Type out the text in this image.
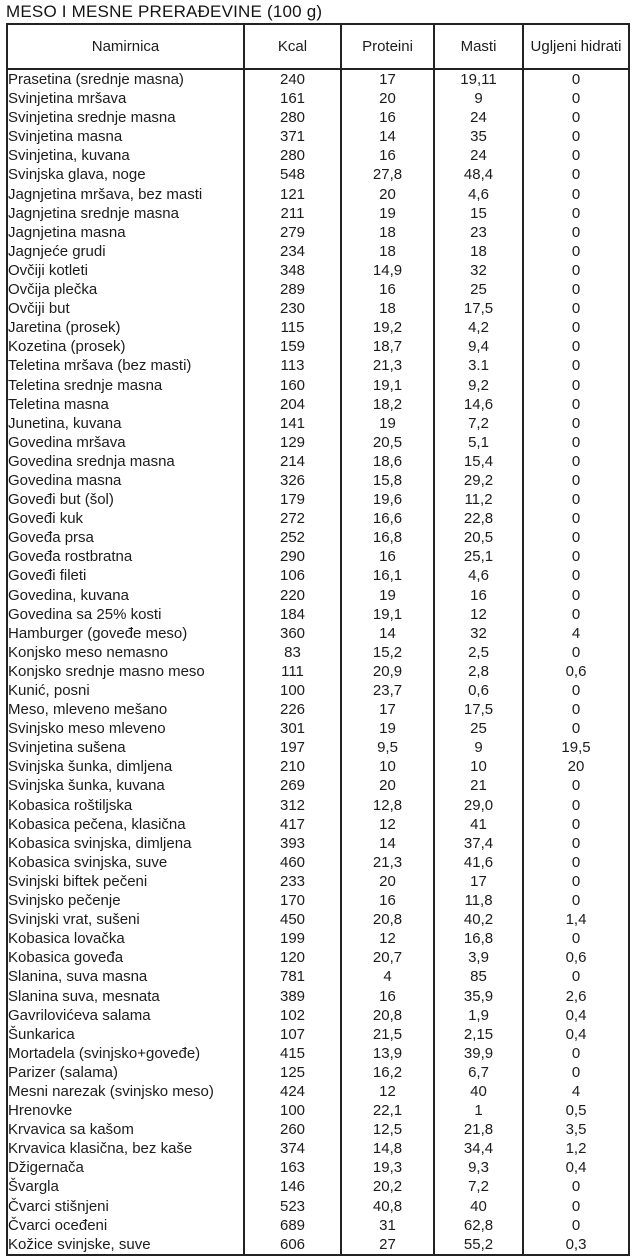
MESO I MESNE PRERAĐEVINE (100 g)
Namirnica	Kcal	Proteini	Masti	Ugljeni hidrati
Prasetina (srednje masna)	240	17	19,11	0
Svinjetina mršava	161	20	9	0
Svinjetina srednje masna	280	16	24	0
Svinjetina masna	371	14	35	0
Svinjetina, kuvana	280	16	24	0
Svinjska glava, noge	548	27,8	48,4	0
Jagnjetina mršava, bez masti	121	20	4,6	0
Jagnjetina srednje masna	211	19	15	0
Jagnjetina masna	279	18	23	0
Jagnjeće grudi	234	18	18	0
Ovčiji kotleti	348	14,9	32	0
Ovčija plečka	289	16	25	0
Ovčiji but	230	18	17,5	0
Jaretina (prosek)	115	19,2	4,2	0
Kozetina (prosek)	159	18,7	9,4	0
Teletina mršava (bez masti)	113	21,3	3.1	0
Teletina srednje masna	160	19,1	9,2	0
Teletina masna	204	18,2	14,6	0
Junetina, kuvana	141	19	7,2	0
Govedina mršava	129	20,5	5,1	0
Govedina srednja masna	214	18,6	15,4	0
Govedina masna	326	15,8	29,2	0
Goveđi but (šol)	179	19,6	11,2	0
Goveđi kuk	272	16,6	22,8	0
Goveđa prsa	252	16,8	20,5	0
Goveđa rostbratna	290	16	25,1	0
Goveđi fileti	106	16,1	4,6	0
Govedina, kuvana	220	19	16	0
Govedina sa 25% kosti	184	19,1	12	0
Hamburger (goveđe meso)	360	14	32	4
Konjsko meso nemasno	83	15,2	2,5	0
Konjsko srednje masno meso	111	20,9	2,8	0,6
Kunić, posni	100	23,7	0,6	0
Meso, mleveno mešano	226	17	17,5	0
Svinjsko meso mleveno	301	19	25	0
Svinjetina sušena	197	9,5	9	19,5
Svinjska šunka, dimljena	210	10	10	20
Svinjska šunka, kuvana	269	20	21	0
Kobasica roštiljska	312	12,8	29,0	0
Kobasica pečena, klasična	417	12	41	0
Kobasica svinjska, dimljena	393	14	37,4	0
Kobasica svinjska, suve	460	21,3	41,6	0
Svinjski biftek pečeni	233	20	17	0
Svinjsko pečenje	170	16	11,8	0
Svinjski vrat, sušeni	450	20,8	40,2	1,4
Kobasica lovačka	199	12	16,8	0
Kobasica goveđa	120	20,7	3,9	0,6
Slanina, suva masna	781	4	85	0
Slanina suva, mesnata	389	16	35,9	2,6
Gavrilovićeva salama	102	20,8	1,9	0,4
Šunkarica	107	21,5	2,15	0,4
Mortadela (svinjsko+goveđe)	415	13,9	39,9	0
Parizer (salama)	125	16,2	6,7	0
Mesni narezak (svinjsko meso)	424	12	40	4
Hrenovke	100	22,1	1	0,5
Krvavica sa kašom	260	12,5	21,8	3,5
Krvavica klasična, bez kaše	374	14,8	34,4	1,2
Džigernača	163	19,3	9,3	0,4
Švargla	146	20,2	7,2	0
Čvarci stišnjeni	523	40,8	40	0
Čvarci oceđeni	689	31	62,8	0
Kožice svinjske, suve	606	27	55,2	0,3
